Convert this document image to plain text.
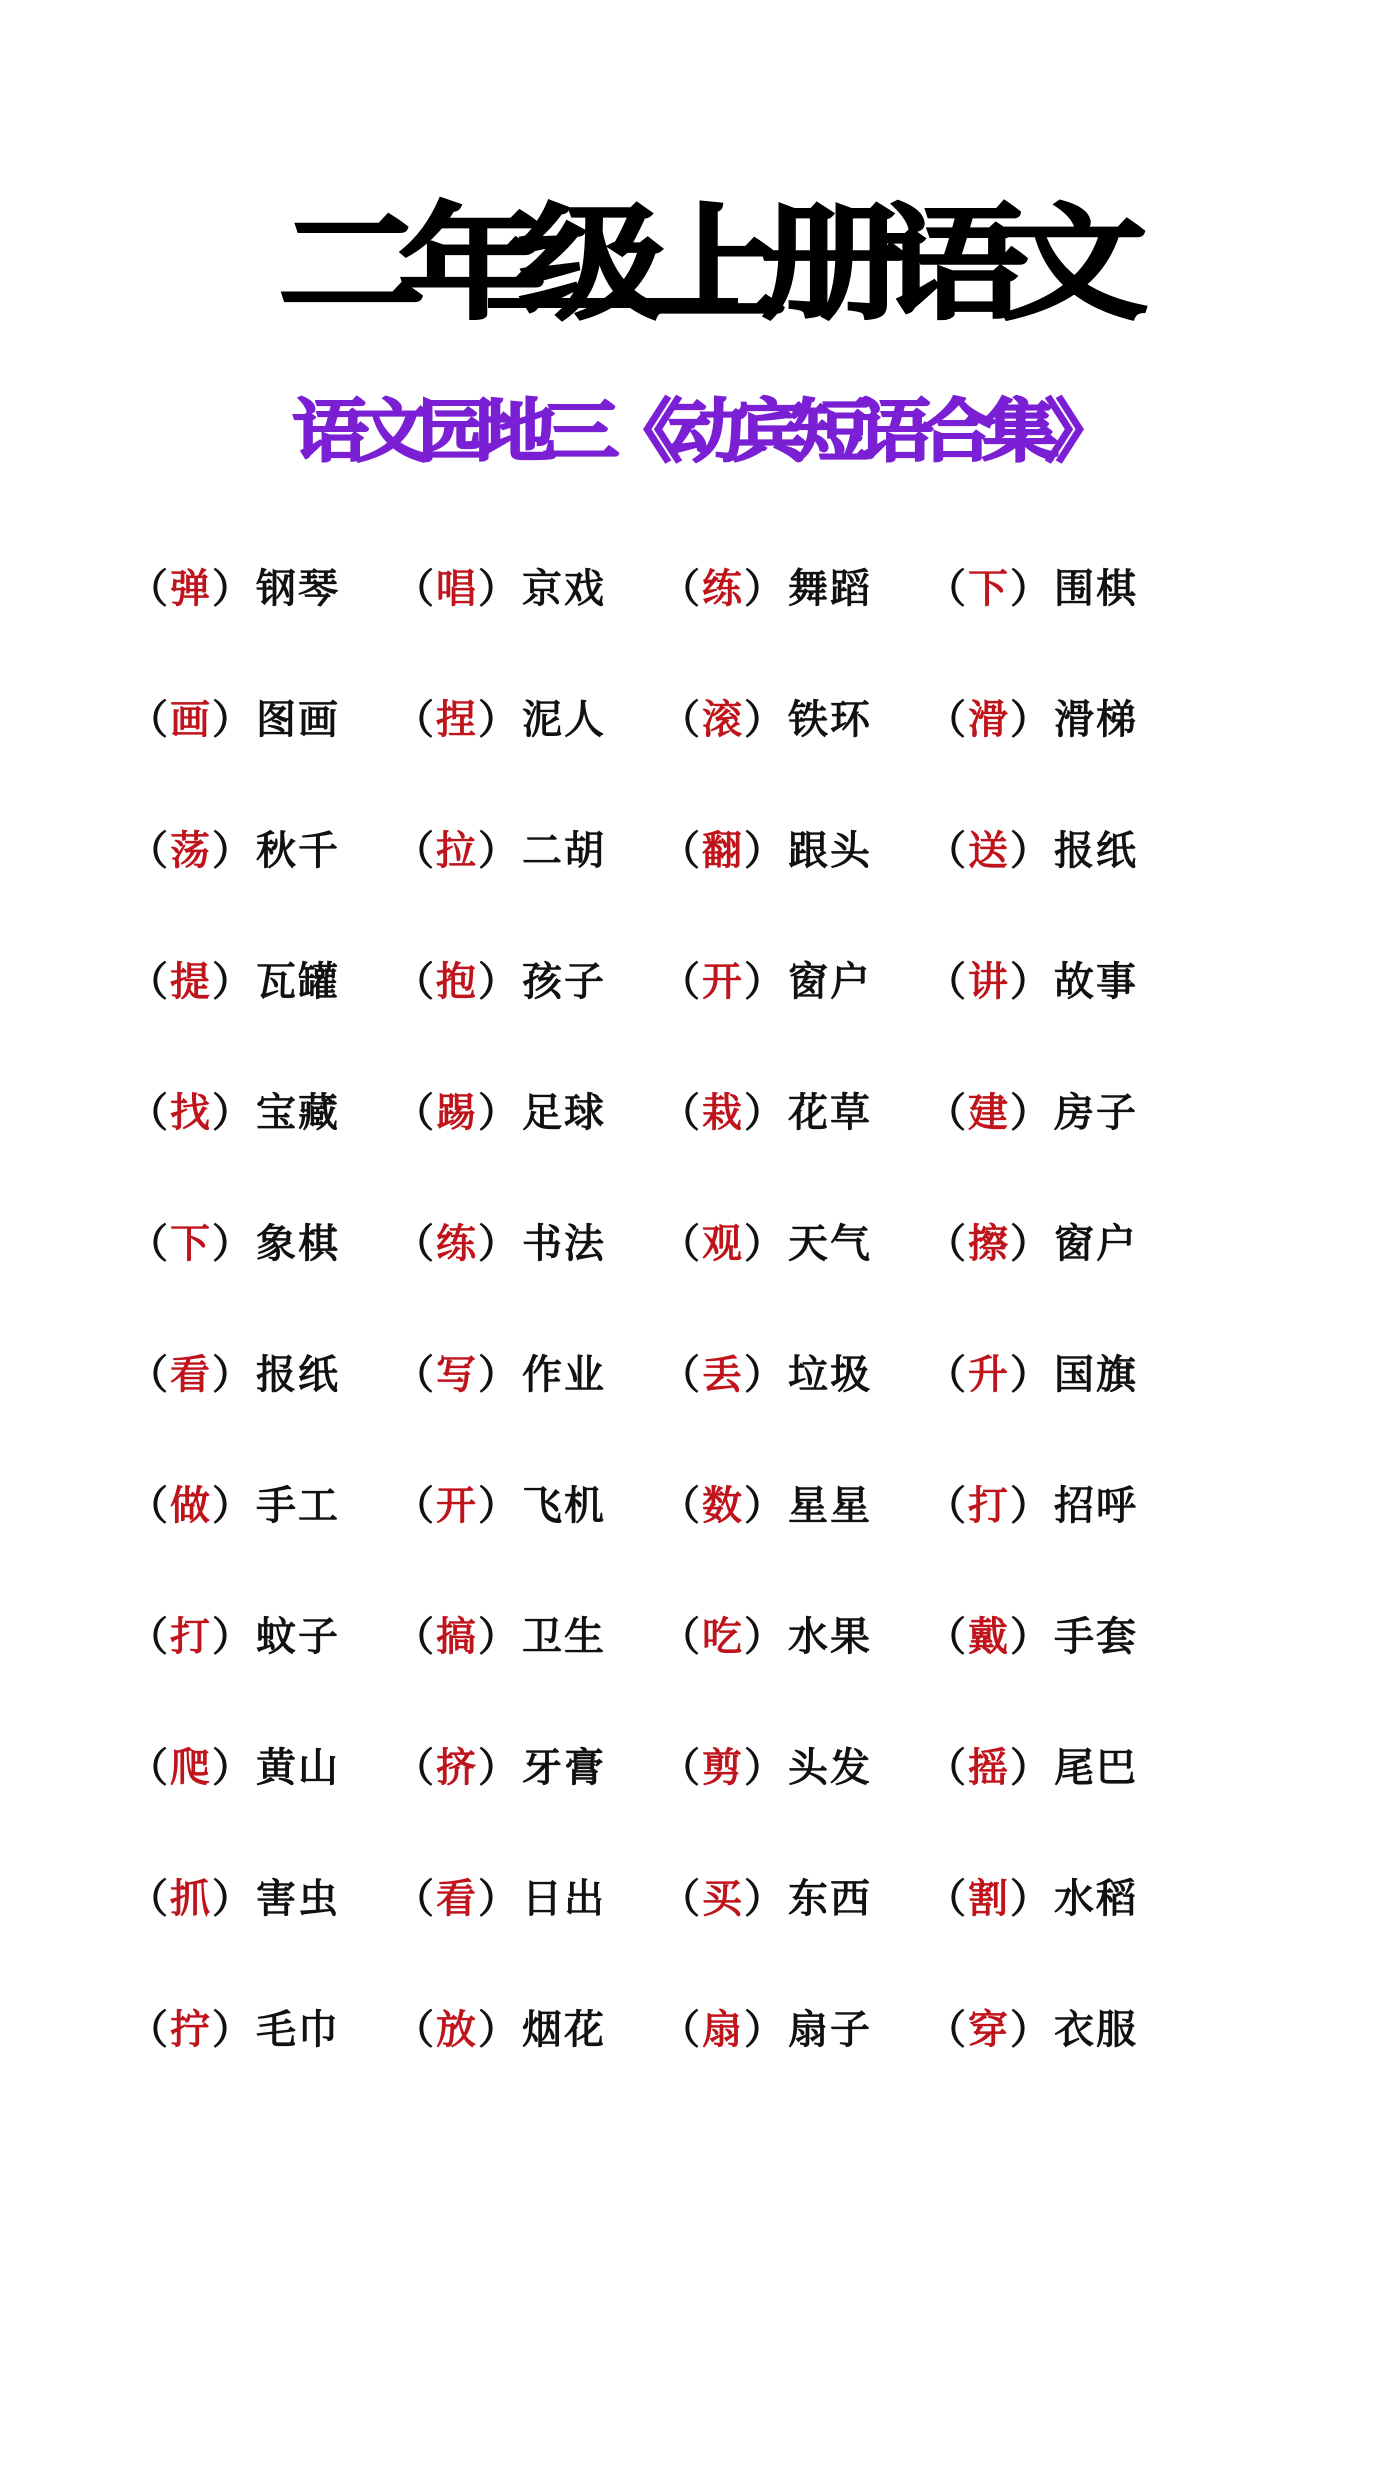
二年级上册语文
语文园地三《动宾短语合集》
（弹）钢琴	（唱）京戏	（练）舞蹈	（下）围棋
（画）图画	（捏）泥人	（滚）铁环	（滑）滑梯
（荡）秋千	（拉）二胡	（翻）跟头	（送）报纸
（提）瓦罐	（抱）孩子	（开）窗户	（讲）故事
（找）宝藏	（踢）足球	（栽）花草	（建）房子
（下）象棋	（练）书法	（观）天气	（擦）窗户
（看）报纸	（写）作业	（丢）垃圾	（升）国旗
（做）手工	（开）飞机	（数）星星	（打）招呼
（打）蚊子	（搞）卫生	（吃）水果	（戴）手套
（爬）黄山	（挤）牙膏	（剪）头发	（摇）尾巴
（抓）害虫	（看）日出	（买）东西	（割）水稻
（拧）毛巾	（放）烟花	（扇）扇子	（穿）衣服
